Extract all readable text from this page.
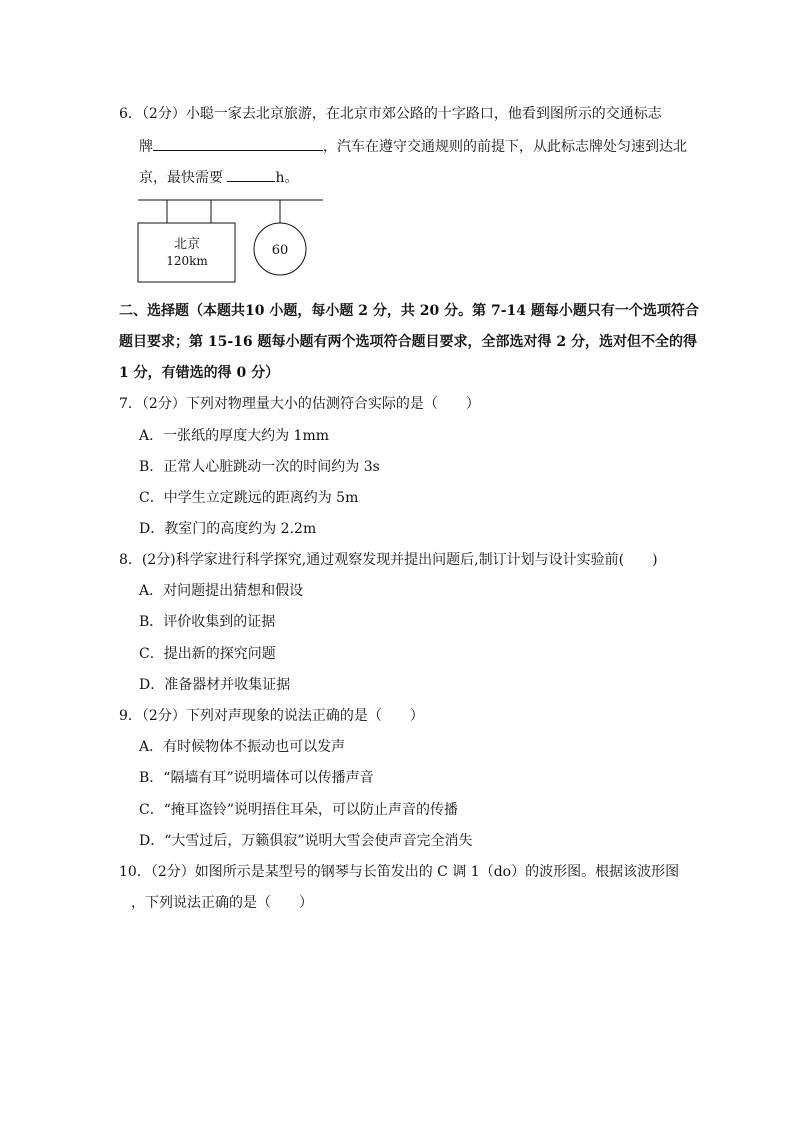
6．（2分）小聪一家去北京旅游，在北京市郊公路的十字路口，他看到图所示的交通标志
牌	，汽车在遵守交通规则的前提下，从此标志牌处匀速到达北
京，最快需要	h。
北京
120km
60
二、选择题（本题共10 小题，每小题 2 分，共 20 分。第 7-14 题每小题只有一个选项符合
题目要求；第 15-16 题每小题有两个选项符合题目要求，全部选对得 2 分，选对但不全的得
1 分，有错选的得 0 分）
7．（2分）下列对物理量大小的估测符合实际的是（　　）
A．一张纸的厚度大约为 1mm
B．正常人心脏跳动一次的时间约为 3s
C．中学生立定跳远的距离约为 5m
D．教室门的高度约为 2.2m
8．(2分)科学家进行科学探究,通过观察发现并提出问题后,制订计划与设计实验前(　　)
A．对问题提出猜想和假设
B．评价收集到的证据
C．提出新的探究问题
D．准备器材并收集证据
9．（2分）下列对声现象的说法正确的是（　　）
A．有时候物体不振动也可以发声
B．“隔墙有耳”说明墙体可以传播声音
C．“掩耳盗铃”说明捂住耳朵，可以防止声音的传播
D．“大雪过后，万籁俱寂”说明大雪会使声音完全消失
10．（2分）如图所示是某型号的钢琴与长笛发出的 C 调 1（do）的波形图。根据该波形图
，下列说法正确的是（　　）
